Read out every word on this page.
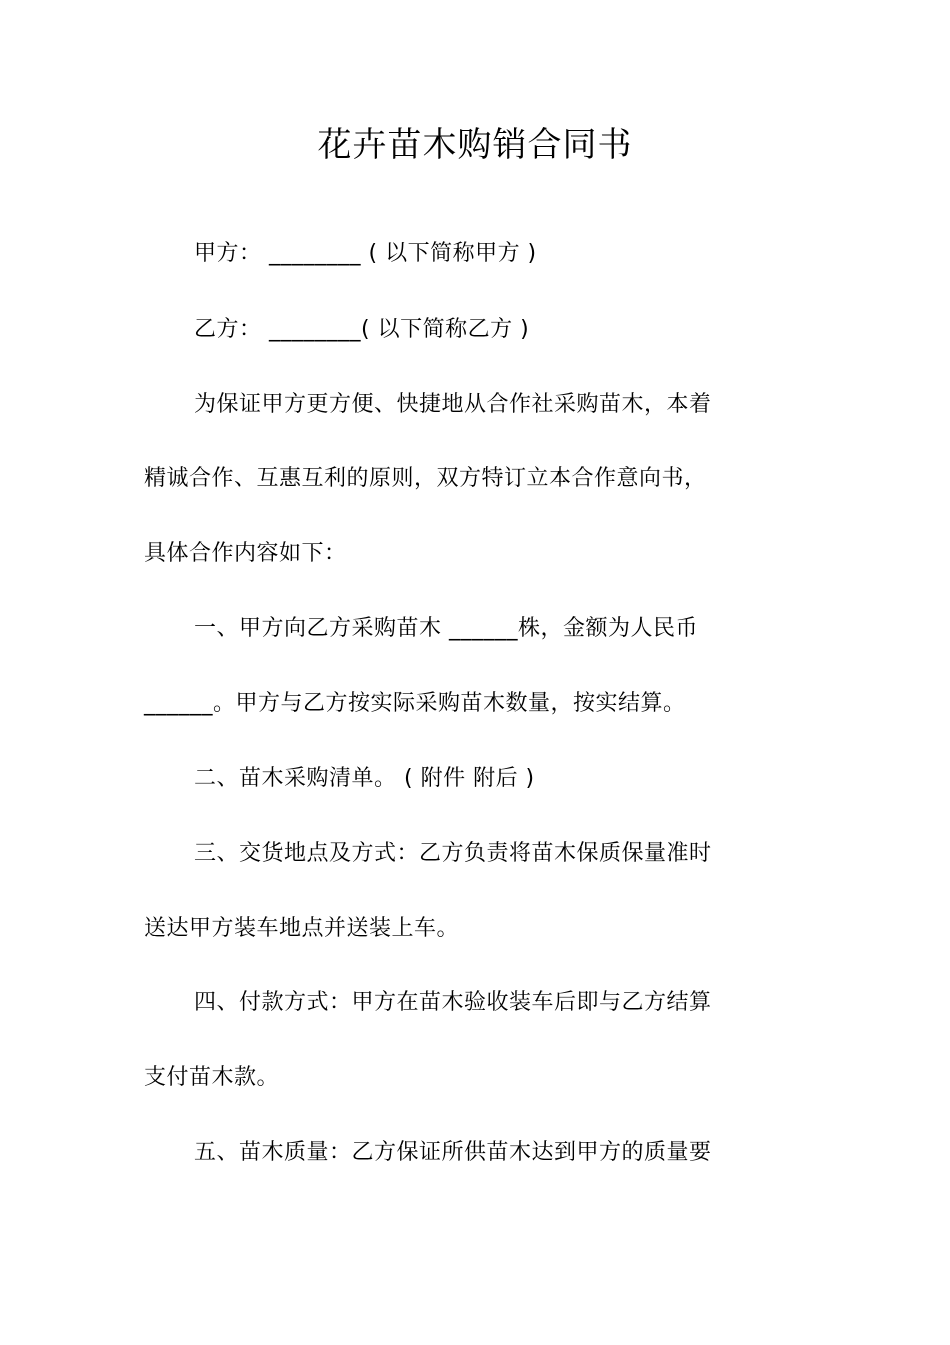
花卉苗木购销合同书
甲方： ________ ( 以下简称甲方 )
乙方： ________( 以下简称乙方 )
为保证甲方更方便、快捷地从合作社采购苗木，本着
精诚合作、互惠互利的原则，双方特订立本合作意向书，
具体合作内容如下：
一、甲方向乙方采购苗木 ______株，金额为人民币
______。甲方与乙方按实际采购苗木数量，按实结算。
二、苗木采购清单。 ( 附件 附后 )
三、交货地点及方式：乙方负责将苗木保质保量准时
送达甲方装车地点并送装上车。
四、付款方式：甲方在苗木验收装车后即与乙方结算
支付苗木款。
五、苗木质量：乙方保证所供苗木达到甲方的质量要
